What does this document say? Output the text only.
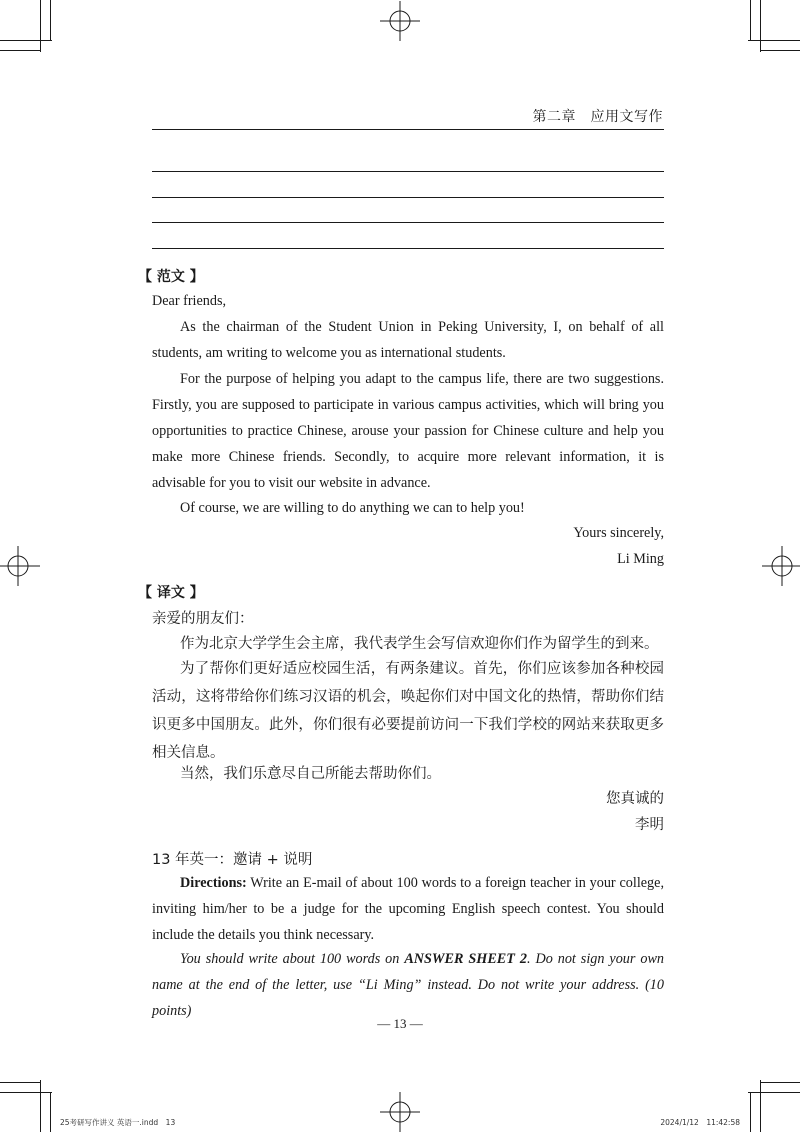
第二章　应用文写作
【 范文 】
Dear friends,
As the chairman of the Student Union in Peking University, I, on behalf of all students, am writing to welcome you as international students.
For the purpose of helping you adapt to the campus life, there are two suggestions. Firstly, you are supposed to participate in various campus activities, which will bring you opportunities to practice Chinese, arouse your passion for Chinese culture and help you make more Chinese friends. Secondly, to acquire more relevant information, it is advisable for you to visit our website in advance.
Of course, we are willing to do anything we can to help you!
Yours sincerely,
Li Ming
【 译文 】
亲爱的朋友们：
作为北京大学学生会主席，我代表学生会写信欢迎你们作为留学生的到来。
为了帮你们更好适应校园生活，有两条建议。首先，你们应该参加各种校园活动，这将带给你们练习汉语的机会，唤起你们对中国文化的热情，帮助你们结识更多中国朋友。此外，你们很有必要提前访问一下我们学校的网站来获取更多相关信息。
当然，我们乐意尽自己所能去帮助你们。
您真诚的
李明
13 年英一：邀请 + 说明
Directions: Write an E-mail of about 100 words to a foreign teacher in your college, inviting him/her to be a judge for the upcoming English speech contest. You should include the details you think necessary.
You should write about 100 words on ANSWER SHEET 2. Do not sign your own name at the end of the letter, use “Li Ming” instead. Do not write your address. (10 points)
— 13 —
25考研写作讲义 英语一.indd　13	2024/1/12　11:42:58
